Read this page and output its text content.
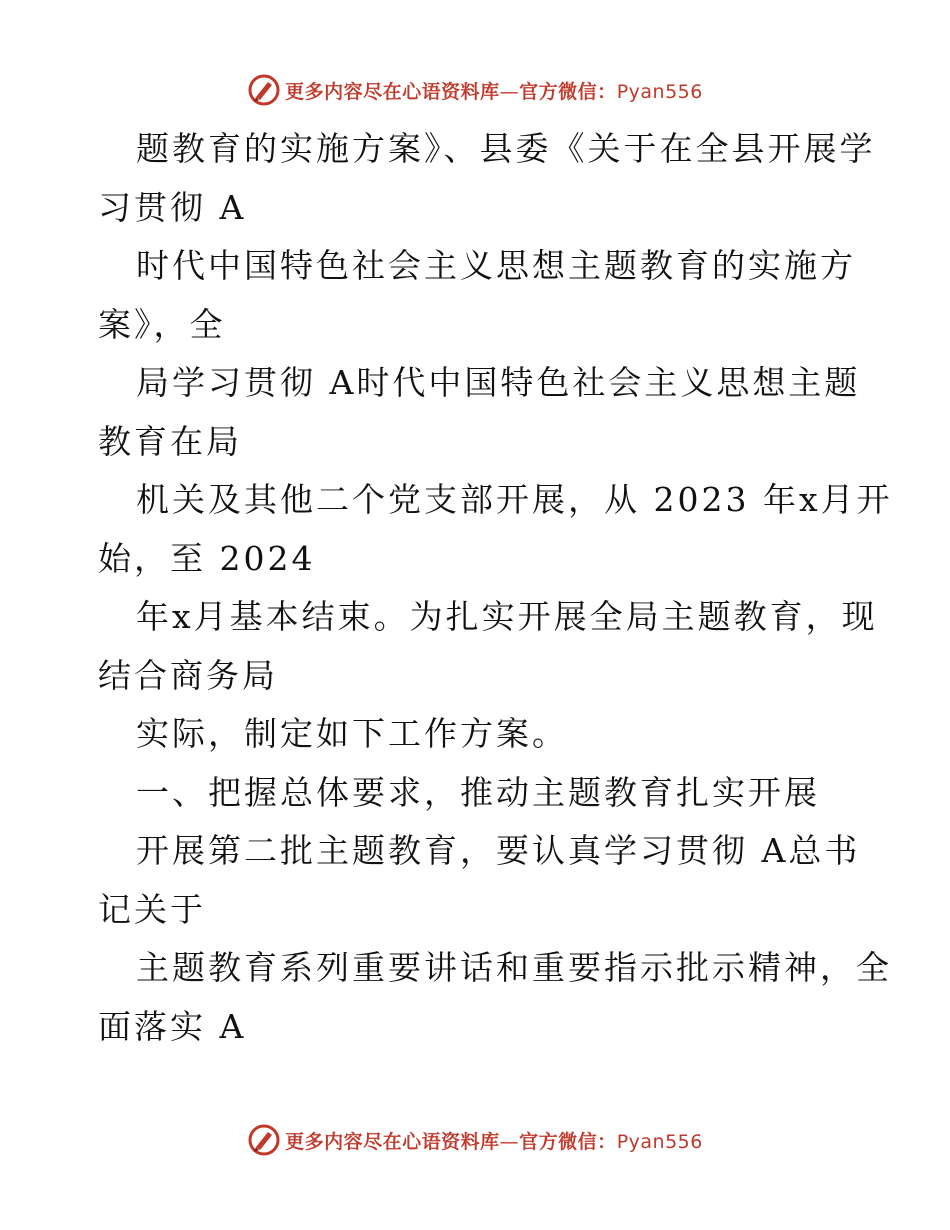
更多内容尽在心语资料库—官方微信：Pyan556
题教育的实施方案》、县委《关于在全县开展学
习贯彻 A
时代中国特色社会主义思想主题教育的实施方
案》，全
局学习贯彻 A时代中国特色社会主义思想主题
教育在局
机关及其他二个党支部开展，从 2023 年x月开
始，至 2024
年x月基本结束。为扎实开展全局主题教育，现
结合商务局
实际，制定如下工作方案。
一、把握总体要求，推动主题教育扎实开展
开展第二批主题教育，要认真学习贯彻 A总书
记关于
主题教育系列重要讲话和重要指示批示精神，全
面落实 A
更多内容尽在心语资料库—官方微信：Pyan556
